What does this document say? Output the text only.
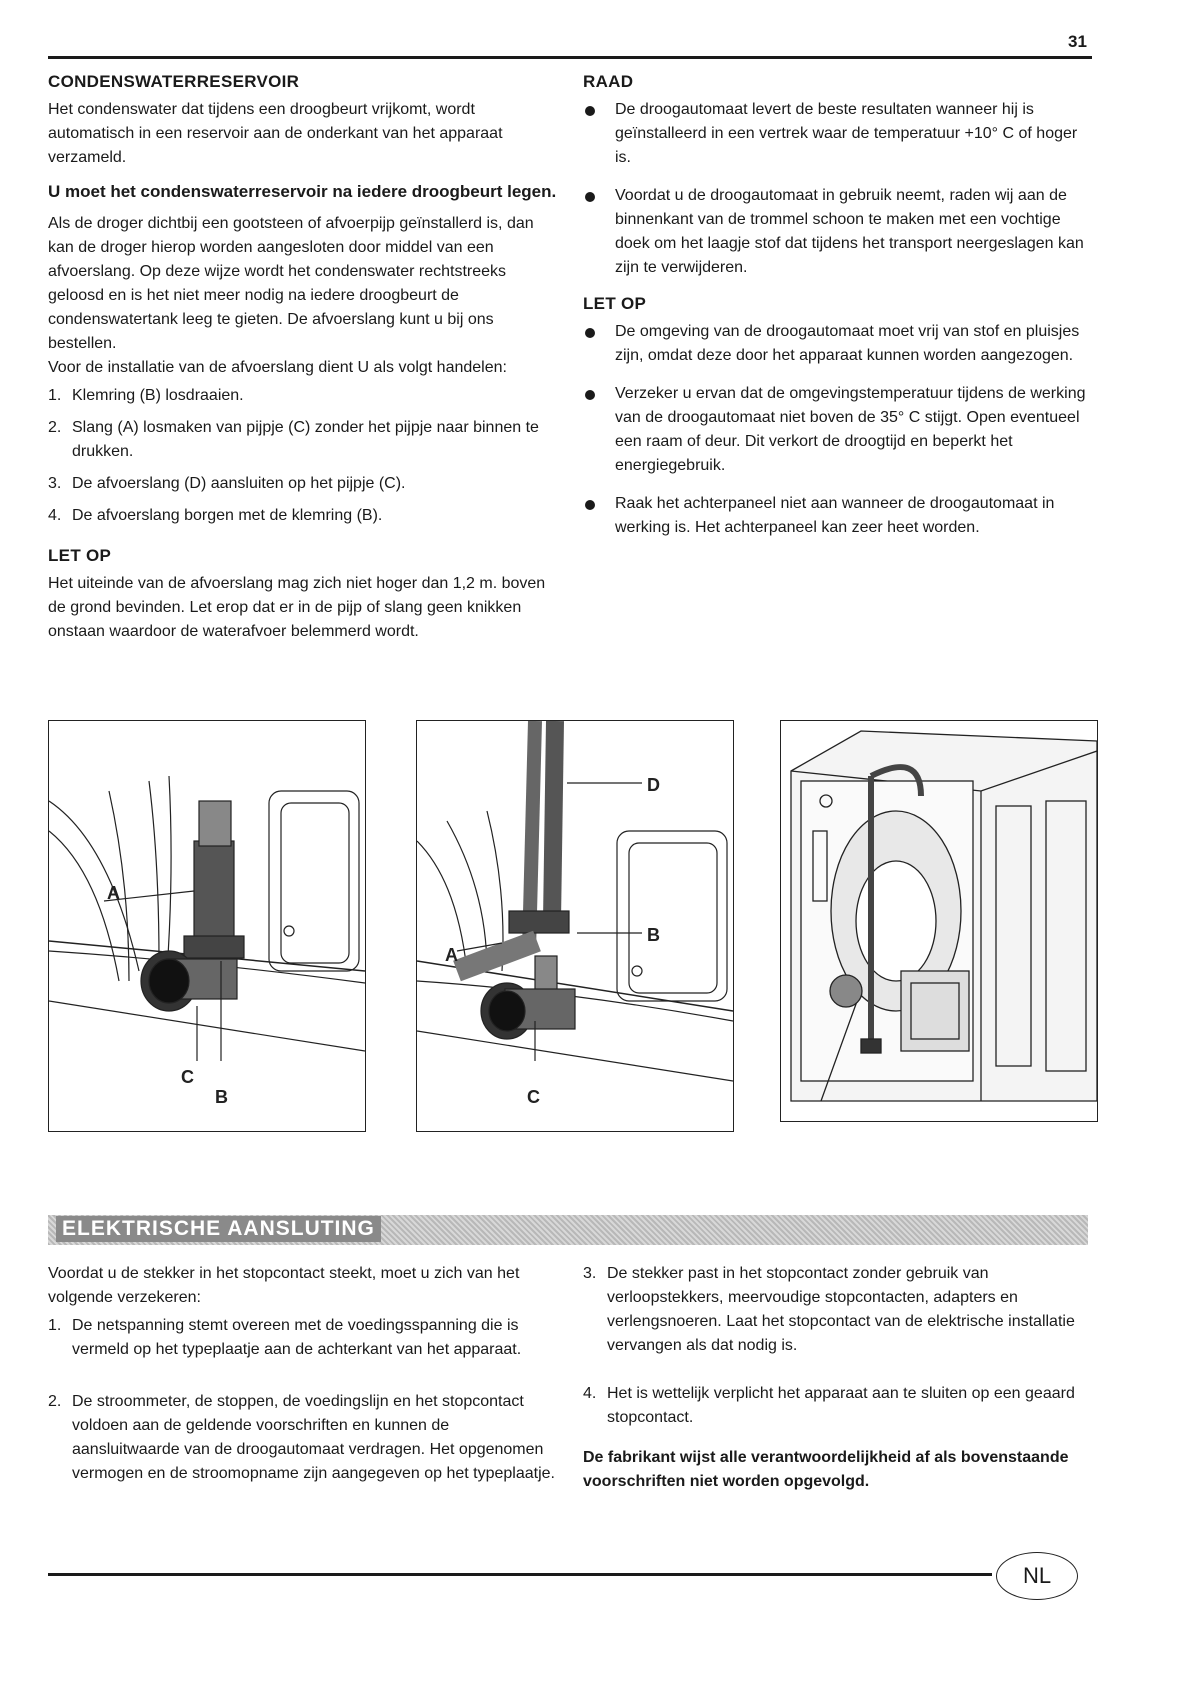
31
CONDENSWATERRESERVOIR

Het condenswater dat tijdens een droogbeurt vrijkomt, wordt automatisch in een reservoir aan de onderkant van het apparaat verzameld.

U moet het condenswaterreservoir na iedere droogbeurt legen.

Als de droger dichtbij een gootsteen of afvoerpijp geïnstallerd is, dan kan de droger hierop worden aangesloten door middel van een afvoerslang. Op deze wijze wordt het condenswater rechtstreeks geloosd en is het niet meer nodig na iedere droogbeurt de condenswatertank leeg te gieten. De afvoerslang kunt u bij ons bestellen.

Voor de installatie van de afvoerslang dient U als volgt handelen:

1. Klemring (B) losdraaien.
2. Slang (A) losmaken van pijpje (C) zonder het pijpje naar binnen te drukken.
3. De afvoerslang (D) aansluiten op het pijpje (C).
4. De afvoerslang borgen met de klemring (B).
LET OP

Het uiteinde van de afvoerslang mag zich niet hoger dan 1,2 m. boven de grond bevinden. Let erop dat er in de pijp of slang geen knikken onstaan waardoor de waterafvoer belemmerd wordt.

RAAD
De droogautomaat levert de beste resultaten wanneer hij is geïnstalleerd in een vertrek waar de temperatuur +10° C of hoger is.
Voordat u de droogautomaat in gebruik neemt, raden wij aan de binnenkant van de trommel schoon te maken met een vochtige doek om het laagje stof dat tijdens het transport neergeslagen kan zijn te verwijderen.
LET OP
De omgeving van de droogautomaat moet vrij van stof en pluisjes zijn, omdat deze door het apparaat kunnen worden aangezogen.
Verzeker u ervan dat de omgevingstemperatuur tijdens de werking van de droogautomaat niet boven de 35° C stijgt. Open eventueel een raam of deur. Dit verkort de droogtijd en beperkt het energiegebruik.
Raak het achterpaneel niet aan wanneer de droogautomaat in werking is. Het achterpaneel kan zeer heet worden.
A
C
B
D
A
B
C
ELEKTRISCHE AANSLUTING

Voordat u de stekker in het stopcontact steekt, moet u zich van het volgende verzekeren:

1. De netspanning stemt overeen met de voedingsspanning die is vermeld op het typeplaatje aan de achterkant van het apparaat.
2. De stroommeter, de stoppen, de voedingslijn en het stopcontact voldoen aan de geldende voorschriften en kunnen de aansluitwaarde van de droogautomaat verdragen. Het opgenomen vermogen en de stroomopname zijn aangegeven op het typeplaatje.
3. De stekker past in het stopcontact zonder gebruik van verloopstekkers, meervoudige stopcontacten, adapters en verlengsnoeren. Laat het stopcontact van de elektrische installatie vervangen als dat nodig is.
4. Het is wettelijk verplicht het apparaat aan te sluiten op een geaard stopcontact.
De fabrikant wijst alle verantwoordelijkheid af als bovenstaande voorschriften niet worden opgevolgd.
NL
